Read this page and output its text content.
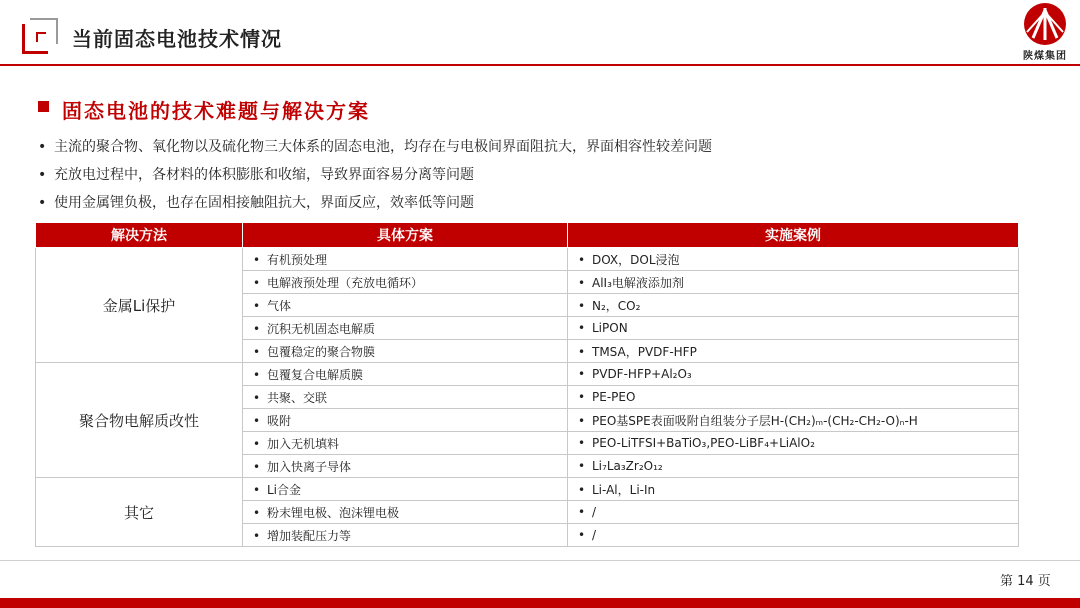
当前固态电池技术情况
陕煤集团
固态电池的技术难题与解决方案
• 主流的聚合物、氧化物以及硫化物三大体系的固态电池，均存在与电极间界面阻抗大，界面相容性较差问题
• 充放电过程中，各材料的体积膨胀和收缩，导致界面容易分离等问题
• 使用金属锂负极，也存在固相接触阻抗大，界面反应，效率低等问题
解决方法	具体方案	实施案例
金属Li保护	• 有机预处理	• DOX，DOL浸泡
	• 电解液预处理（充放电循环）	• AlI₃电解液添加剂
	• 气体	• N₂，CO₂
	• 沉积无机固态电解质	• LiPON
	• 包覆稳定的聚合物膜	• TMSA，PVDF-HFP
聚合物电解质改性	• 包覆复合电解质膜	• PVDF-HFP+Al₂O₃
	• 共聚、交联	• PE-PEO
	• 吸附	• PEO基SPE表面吸附自组装分子层H-(CH₂)ₘ-(CH₂-CH₂-O)ₙ-H
	• 加入无机填料	• PEO-LiTFSI+BaTiO₃,PEO-LiBF₄+LiAlO₂
	• 加入快离子导体	• Li₇La₃Zr₂O₁₂
其它	• Li合金	• Li-Al，Li-In
	• 粉末锂电极、泡沫锂电极	• /
	• 增加装配压力等	• /
第 14 页
